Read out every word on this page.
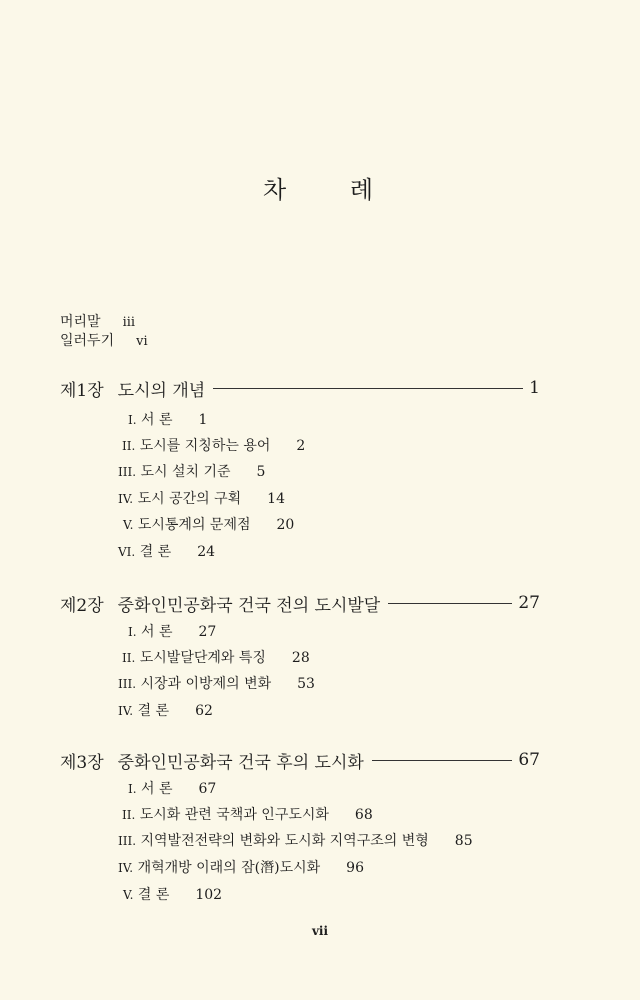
차 례
머리말 iii
일러두기 vi
제1장 도시의 개념	1
I. 서 론 1
II. 도시를 지칭하는 용어 2
III. 도시 설치 기준 5
IV. 도시 공간의 구획 14
V. 도시통계의 문제점 20
VI. 결 론 24
제2장 중화인민공화국 건국 전의 도시발달	27
I. 서 론 27
II. 도시발달단계와 특징 28
III. 시장과 이방제의 변화 53
IV. 결 론 62
제3장 중화인민공화국 건국 후의 도시화	67
I. 서 론 67
II. 도시화 관련 국책과 인구도시화 68
III. 지역발전전략의 변화와 도시화 지역구조의 변형 85
IV. 개혁개방 이래의 잠(潛)도시화 96
V. 결 론 102
vii
